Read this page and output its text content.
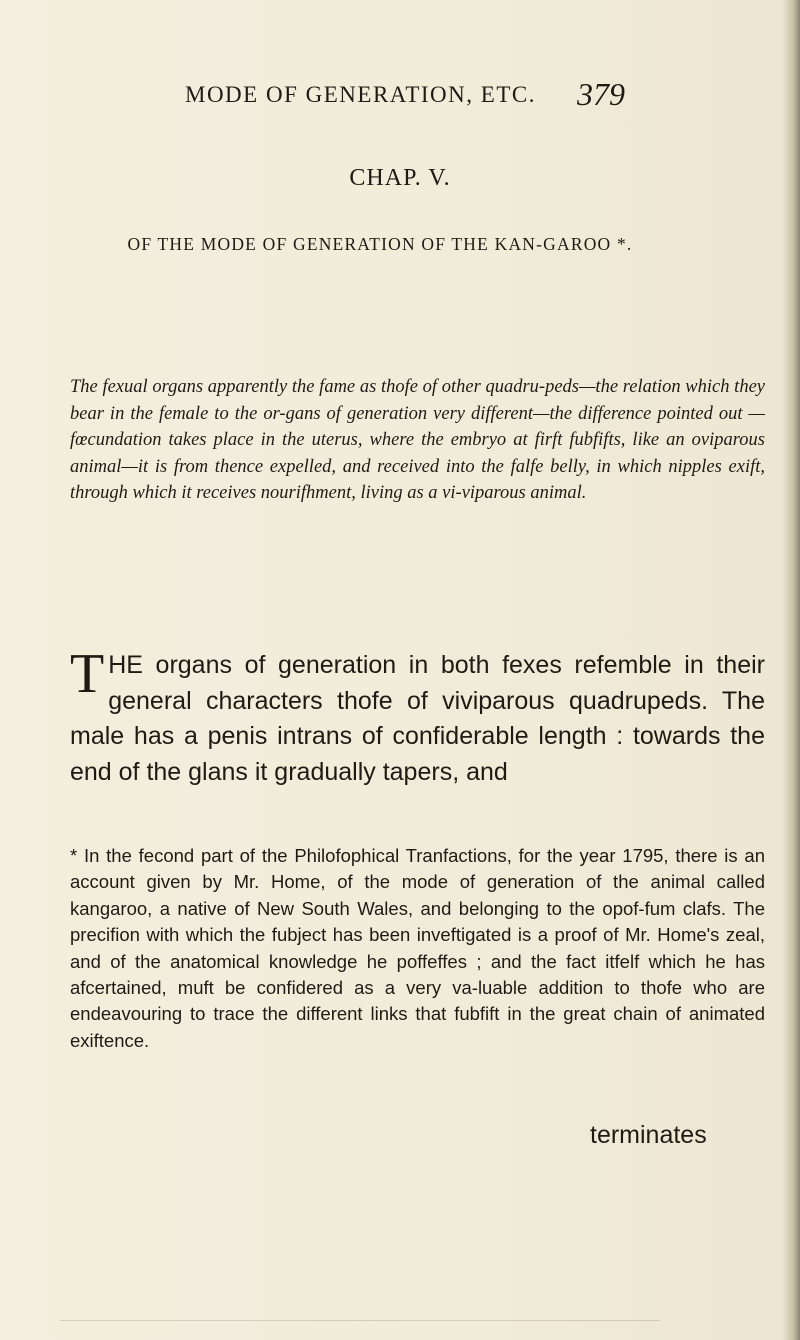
MODE OF GENERATION, ETC. 379
CHAP. V.
OF THE MODE OF GENERATION OF THE KAN-GAROO *.
The fexual organs apparently the fame as thofe of other quadru-peds—the relation which they bear in the female to the or-gans of generation very different—the difference pointed out —fœcundation takes place in the uterus, where the embryo at firft fubfifts, like an oviparous animal—it is from thence expelled, and received into the falfe belly, in which nipples exift, through which it receives nourifhment, living as a vi-viparous animal.
THE organs of generation in both fexes refemble in their general characters thofe of viviparous quadrupeds. The male has a penis intrans of confiderable length : towards the end of the glans it gradually tapers, and
* In the fecond part of the Philofophical Tranfactions, for the year 1795, there is an account given by Mr. Home, of the mode of generation of the animal called kangaroo, a native of New South Wales, and belonging to the opof-fum clafs. The precifion with which the fubject has been inveftigated is a proof of Mr. Home's zeal, and of the anatomical knowledge he poffeffes ; and the fact itfelf which he has afcertained, muft be confidered as a very va-luable addition to thofe who are endeavouring to trace the different links that fubfift in the great chain of animated exiftence.
terminates
